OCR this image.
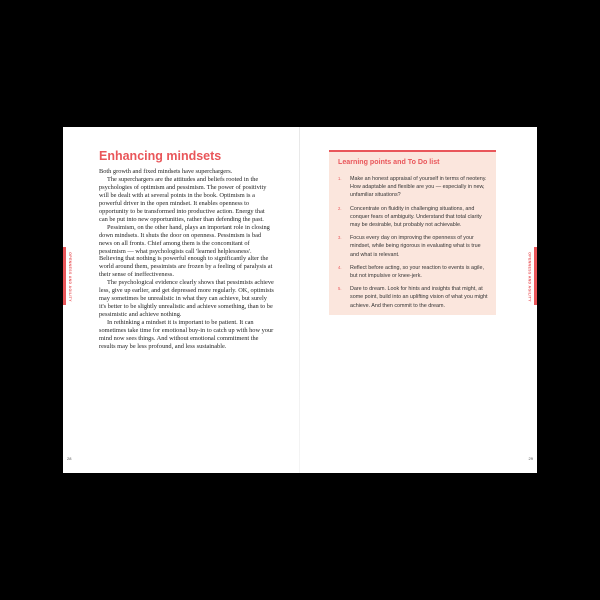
Enhancing mindsets

Both growth and fixed mindsets have superchargers.

The superchargers are the attitudes and beliefs rooted in the psychologies of optimism and pessimism. The power of positivity will be dealt with at several points in the book. Optimism is a powerful driver in the open mindset. It enables openness to opportunity to be transformed into productive action. Energy that can be put into new opportunities, rather than defending the past.

Pessimism, on the other hand, plays an important role in closing down mindsets. It shuts the door on openness. Pessimism is bad news on all fronts. Chief among them is the concomitant of pessimism — what psychologists call 'learned helplessness'. Believing that nothing is powerful enough to significantly alter the world around them, pessimists are frozen by a feeling of paralysis at their sense of ineffectiveness.

The psychological evidence clearly shows that pessimists achieve less, give up earlier, and get depressed more regularly. OK, optimists may sometimes be unrealistic in what they can achieve, but surely it's better to be slightly unrealistic and achieve something, than to be pessimistic and achieve nothing.

In rethinking a mindset it is important to be patient. It can sometimes take time for emotional buy-in to catch up with how your mind now sees things. And without emotional commitment the results may be less profound, and less sustainable.

OPENNESS AND AGILITY
28
Learning points and To Do list
1.	Make an honest appraisal of yourself in terms of neoteny. How adaptable and flexible are you — especially in new, unfamiliar situations?
2.	Concentrate on fluidity in challenging situations, and conquer fears of ambiguity. Understand that total clarity may be desirable, but probably not achievable.
3.	Focus every day on improving the openness of your mindset, while being rigorous in evaluating what is true and what is relevant.
4.	Reflect before acting, so your reaction to events is agile, but not impulsive or knee-jerk.
5.	Dare to dream. Look for hints and insights that might, at some point, build into an uplifting vision of what you might achieve. And then commit to the dream.
OPENNESS AND AGILITY
29
